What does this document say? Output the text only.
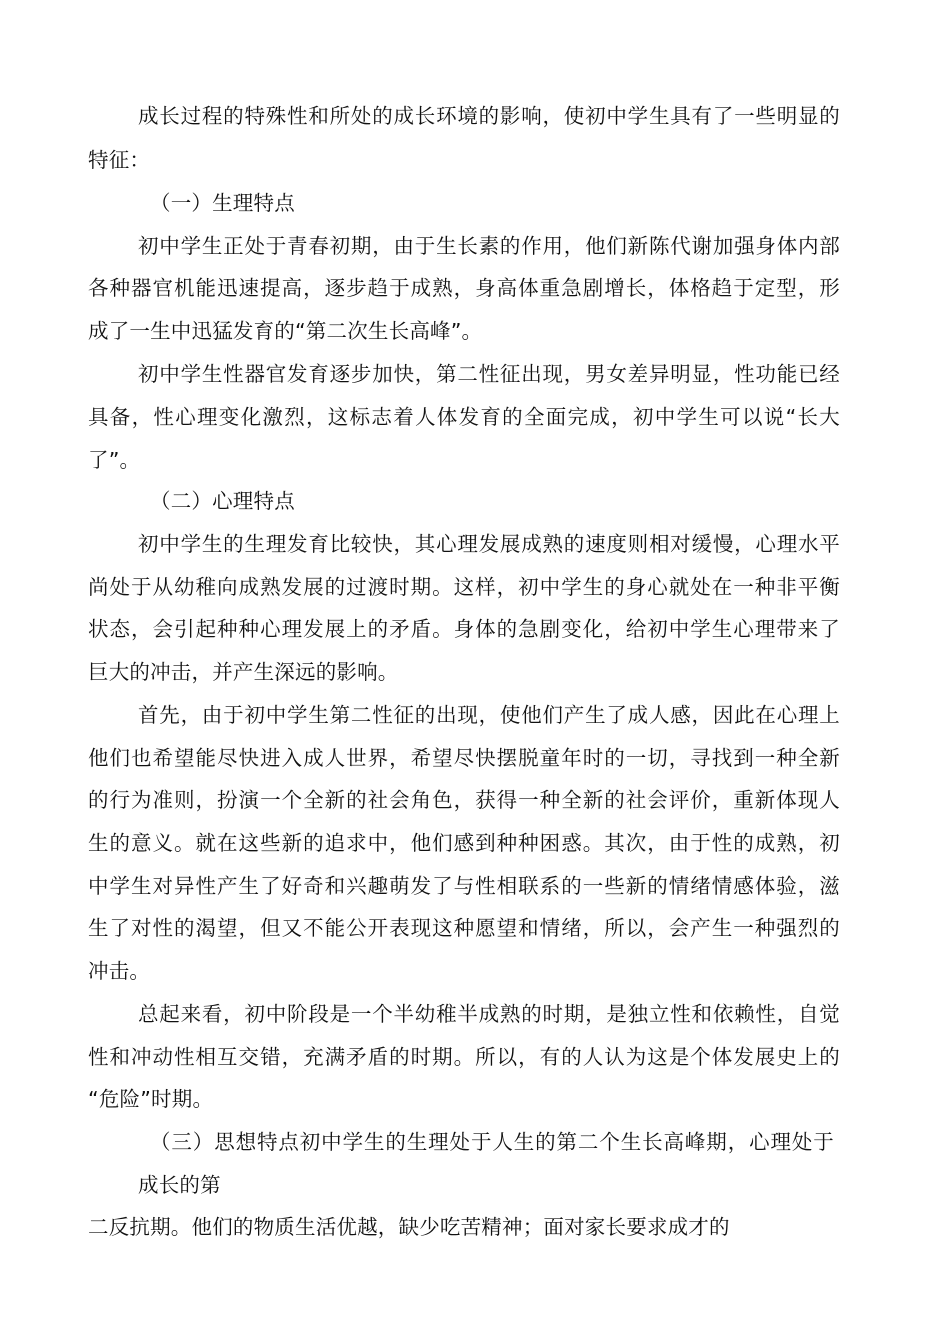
成长过程的特殊性和所处的成长环境的影响，使初中学生具有了一些明显的
特征：
（一）生理特点
初中学生正处于青春初期，由于生长素的作用，他们新陈代谢加强身体内部
各种器官机能迅速提高，逐步趋于成熟，身高体重急剧增长，体格趋于定型，形
成了一生中迅猛发育的“第二次生长高峰”。
初中学生性器官发育逐步加快，第二性征出现，男女差异明显，性功能已经
具备，性心理变化激烈，这标志着人体发育的全面完成，初中学生可以说“长大
了”。
（二）心理特点
初中学生的生理发育比较快，其心理发展成熟的速度则相对缓慢，心理水平
尚处于从幼稚向成熟发展的过渡时期。这样，初中学生的身心就处在一种非平衡
状态，会引起种种心理发展上的矛盾。身体的急剧变化，给初中学生心理带来了
巨大的冲击，并产生深远的影响。
首先，由于初中学生第二性征的出现，使他们产生了成人感，因此在心理上
他们也希望能尽快进入成人世界，希望尽快摆脱童年时的一切，寻找到一种全新
的行为准则，扮演一个全新的社会角色，获得一种全新的社会评价，重新体现人
生的意义。就在这些新的追求中，他们感到种种困惑。其次，由于性的成熟，初
中学生对异性产生了好奇和兴趣萌发了与性相联系的一些新的情绪情感体验，滋
生了对性的渴望，但又不能公开表现这种愿望和情绪，所以，会产生一种强烈的
冲击。
总起来看，初中阶段是一个半幼稚半成熟的时期，是独立性和依赖性，自觉
性和冲动性相互交错，充满矛盾的时期。所以，有的人认为这是个体发展史上的
“危险”时期。
（三）思想特点初中学生的生理处于人生的第二个生长高峰期，心理处于
成长的第
二反抗期。他们的物质生活优越，缺少吃苦精神；面对家长要求成才的
